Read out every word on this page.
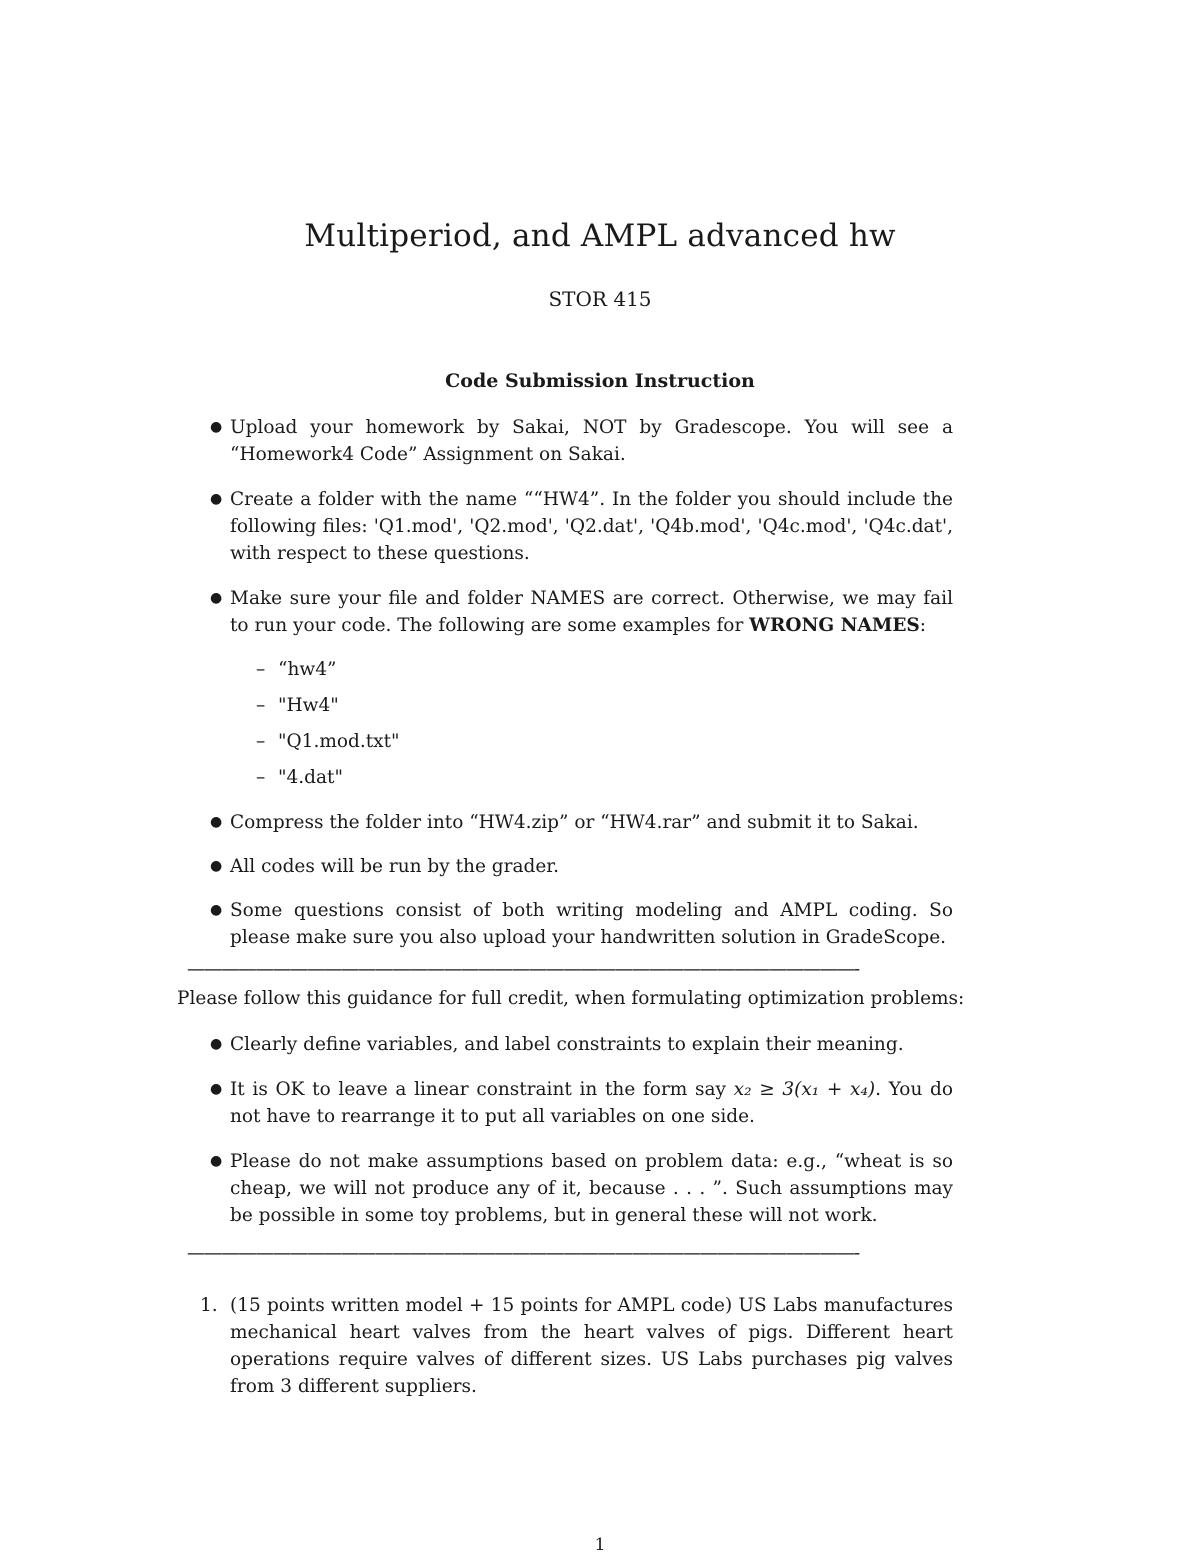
Multiperiod, and AMPL advanced hw
STOR 415
Code Submission Instruction
● Upload your homework by Sakai, NOT by Gradescope. You will see a “Homework4 Code” Assignment on Sakai.
● Create a folder with the name ““HW4”. In the folder you should include the following files: 'Q1.mod', 'Q2.mod', 'Q2.dat', 'Q4b.mod', 'Q4c.mod', 'Q4c.dat', with respect to these questions.
● Make sure your file and folder NAMES are correct. Otherwise, we may fail to run your code. The following are some examples for WRONG NAMES:
– “hw4”
– "Hw4"
– "Q1.mod.txt"
– "4.dat"
● Compress the folder into “HW4.zip” or “HW4.rar” and submit it to Sakai.
● All codes will be run by the grader.
● Some questions consist of both writing modeling and AMPL coding. So please make sure you also upload your handwritten solution in GradeScope.
———————————————————————————————————————-
Please follow this guidance for full credit, when formulating optimization problems:
● Clearly define variables, and label constraints to explain their meaning.
● It is OK to leave a linear constraint in the form say x₂ ≥ 3(x₁ + x₄). You do not have to rearrange it to put all variables on one side.
● Please do not make assumptions based on problem data: e.g., “wheat is so cheap, we will not produce any of it, because . . . ”. Such assumptions may be possible in some toy problems, but in general these will not work.
———————————————————————————————————————-
1. (15 points written model + 15 points for AMPL code) US Labs manufactures mechanical heart valves from the heart valves of pigs. Different heart operations require valves of different sizes. US Labs purchases pig valves from 3 different suppliers.
1
